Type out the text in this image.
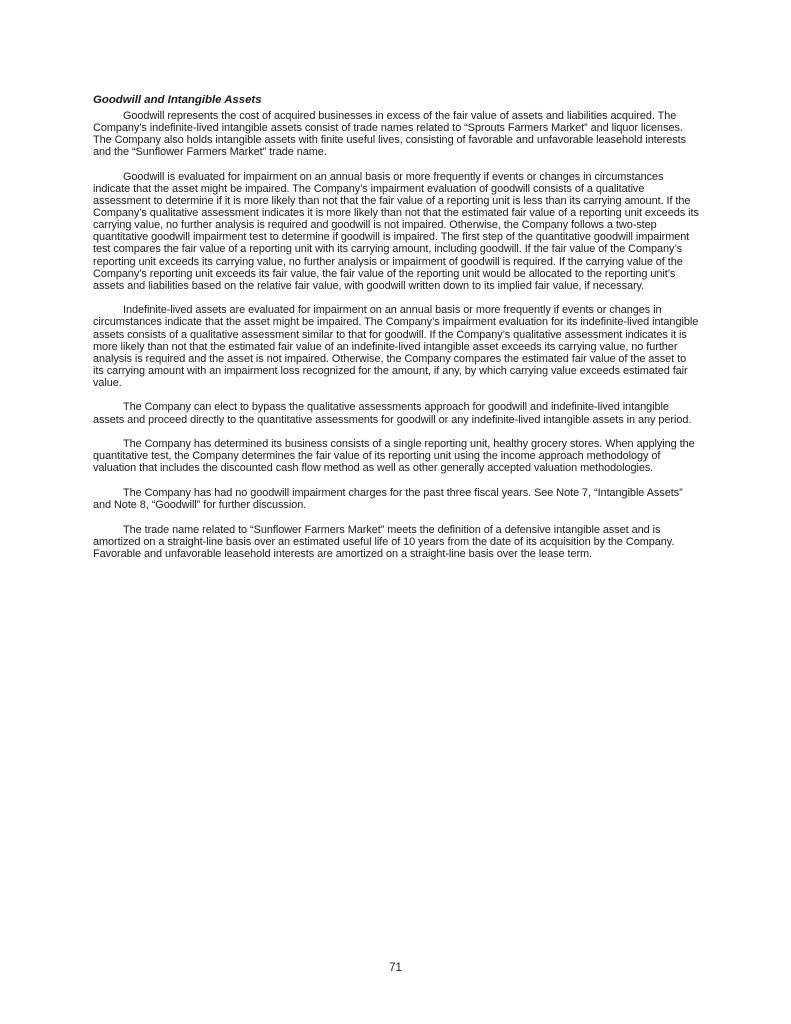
Goodwill and Intangible Assets

Goodwill represents the cost of acquired businesses in excess of the fair value of assets and liabilities acquired. The Company’s indefinite-lived intangible assets consist of trade names related to “Sprouts Farmers Market” and liquor licenses. The Company also holds intangible assets with finite useful lives, consisting of favorable and unfavorable leasehold interests and the “Sunflower Farmers Market” trade name.

Goodwill is evaluated for impairment on an annual basis or more frequently if events or changes in circumstances indicate that the asset might be impaired. The Company’s impairment evaluation of goodwill consists of a qualitative assessment to determine if it is more likely than not that the fair value of a reporting unit is less than its carrying amount. If the Company’s qualitative assessment indicates it is more likely than not that the estimated fair value of a reporting unit exceeds its carrying value, no further analysis is required and goodwill is not impaired. Otherwise, the Company follows a two-step quantitative goodwill impairment test to determine if goodwill is impaired. The first step of the quantitative goodwill impairment test compares the fair value of a reporting unit with its carrying amount, including goodwill. If the fair value of the Company’s reporting unit exceeds its carrying value, no further analysis or impairment of goodwill is required. If the carrying value of the Company’s reporting unit exceeds its fair value, the fair value of the reporting unit would be allocated to the reporting unit’s assets and liabilities based on the relative fair value, with goodwill written down to its implied fair value, if necessary.

Indefinite-lived assets are evaluated for impairment on an annual basis or more frequently if events or changes in circumstances indicate that the asset might be impaired. The Company’s impairment evaluation for its indefinite-lived intangible assets consists of a qualitative assessment similar to that for goodwill. If the Company’s qualitative assessment indicates it is more likely than not that the estimated fair value of an indefinite-lived intangible asset exceeds its carrying value, no further analysis is required and the asset is not impaired. Otherwise, the Company compares the estimated fair value of the asset to its carrying amount with an impairment loss recognized for the amount, if any, by which carrying value exceeds estimated fair value.

The Company can elect to bypass the qualitative assessments approach for goodwill and indefinite-lived intangible assets and proceed directly to the quantitative assessments for goodwill or any indefinite-lived intangible assets in any period.

The Company has determined its business consists of a single reporting unit, healthy grocery stores. When applying the quantitative test, the Company determines the fair value of its reporting unit using the income approach methodology of valuation that includes the discounted cash flow method as well as other generally accepted valuation methodologies.

The Company has had no goodwill impairment charges for the past three fiscal years. See Note 7, “Intangible Assets” and Note 8, “Goodwill” for further discussion.

The trade name related to “Sunflower Farmers Market” meets the definition of a defensive intangible asset and is amortized on a straight-line basis over an estimated useful life of 10 years from the date of its acquisition by the Company. Favorable and unfavorable leasehold interests are amortized on a straight-line basis over the lease term.

71
